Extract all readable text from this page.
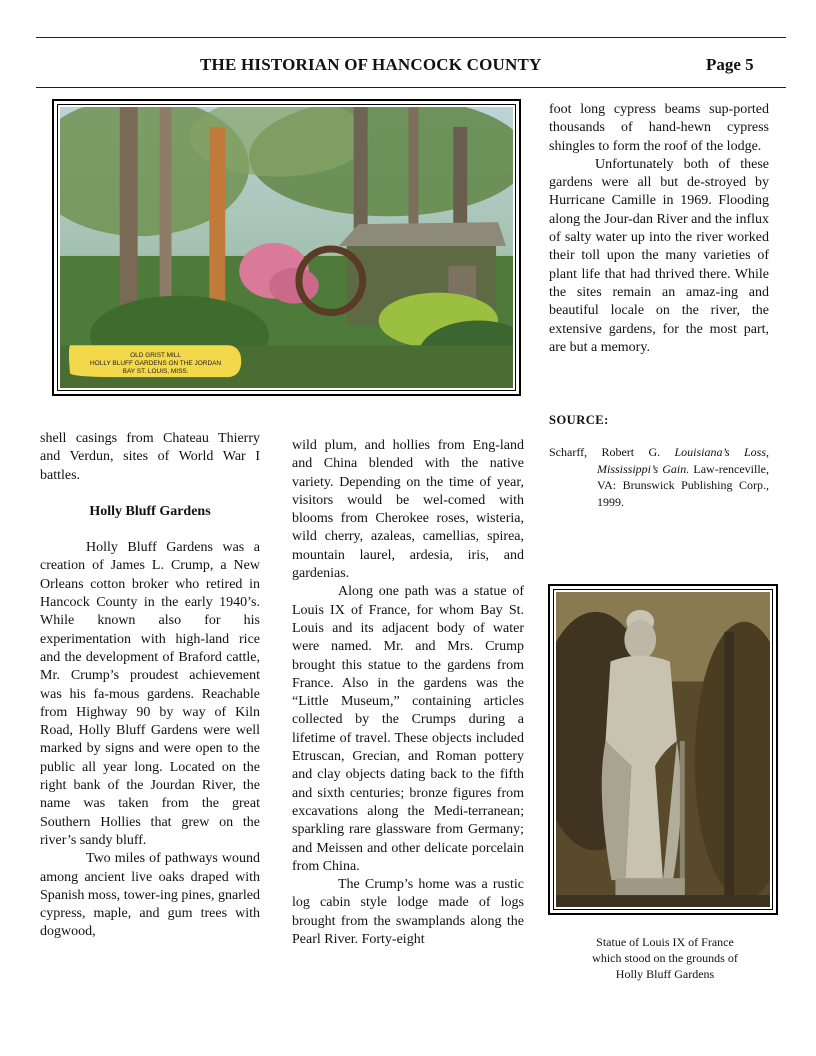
THE HISTORIAN OF HANCOCK COUNTY	Page 5
OLD GRIST MILL
HOLLY BLUFF GARDENS ON THE JORDAN
BAY ST. LOUIS, MISS.

shell casings from Chateau Thierry and Verdun, sites of World War I battles.

Holly Bluff Gardens

Holly Bluff Gardens was a creation of James L. Crump, a New Orleans cotton broker who retired in Hancock County in the early 1940’s. While known also for his experimentation with high-land rice and the development of Braford cattle, Mr. Crump’s proudest achievement was his fa-mous gardens. Reachable from Highway 90 by way of Kiln Road, Holly Bluff Gardens were well marked by signs and were open to the public all year long. Located on the right bank of the Jourdan River, the name was taken from the great Southern Hollies that grew on the river’s sandy bluff.

Two miles of pathways wound among ancient live oaks draped with Spanish moss, tower-ing pines, gnarled cypress, maple, and gum trees with dogwood,

wild plum, and hollies from Eng-land and China blended with the native variety. Depending on the time of year, visitors would be wel-comed with blooms from Cherokee roses, wisteria, wild cherry, azaleas, camellias, spirea, mountain laurel, ardesia, iris, and gardenias.

Along one path was a statue of Louis IX of France, for whom Bay St. Louis and its adjacent body of water were named. Mr. and Mrs. Crump brought this statue to the gardens from France. Also in the gardens was the “Little Museum,” containing articles collected by the Crumps during a lifetime of travel. These objects included Etruscan, Grecian, and Roman pottery and clay objects dating back to the fifth and sixth centuries; bronze figures from excavations along the Medi-terranean; sparkling rare glassware from Germany; and Meissen and other delicate porcelain from China.

The Crump’s home was a rustic log cabin style lodge made of logs brought from the swamplands along the Pearl River. Forty-eight

foot long cypress beams sup-ported thousands of hand-hewn cypress shingles to form the roof of the lodge.

Unfortunately both of these gardens were all but de-stroyed by Hurricane Camille in 1969. Flooding along the Jour-dan River and the influx of salty water up into the river worked their toll upon the many varieties of plant life that had thrived there. While the sites remain an amaz-ing and beautiful locale on the river, the extensive gardens, for the most part, are but a memory.

SOURCE:
Scharff, Robert G. Louisiana’s Loss, Mississippi’s Gain. Law-renceville, VA: Brunswick Publishing Corp., 1999.
Statue of Louis IX of France
which stood on the grounds of
Holly Bluff Gardens
